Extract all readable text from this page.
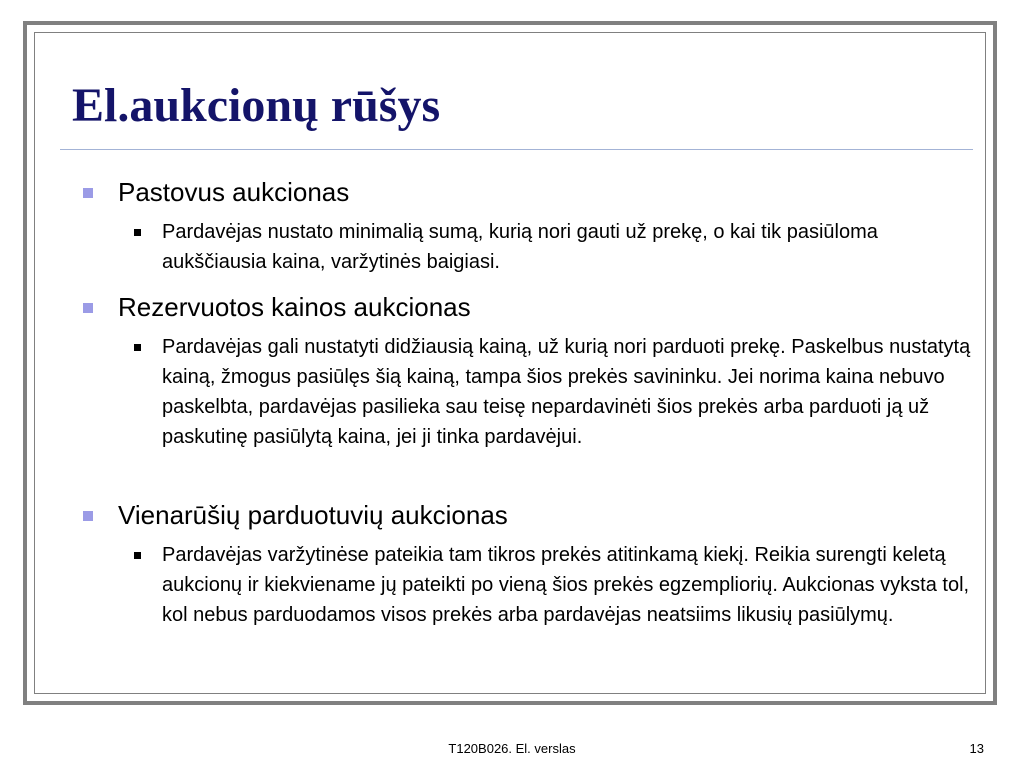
El.aukcionų rūšys
Pastovus aukcionas
Pardavėjas nustato minimalią sumą, kurią nori gauti už prekę, o kai tik pasiūloma aukščiausia kaina, varžytinės baigiasi.
Rezervuotos kainos aukcionas
Pardavėjas gali nustatyti didžiausią kainą, už kurią nori parduoti prekę. Paskelbus nustatytą kainą, žmogus pasiūlęs šią kainą, tampa šios prekės savininku. Jei norima kaina nebuvo paskelbta, pardavėjas pasilieka sau teisę nepardavinėti šios prekės arba parduoti ją už paskutinę pasiūlytą kaina, jei ji tinka pardavėjui.
Vienarūšių parduotuvių aukcionas
Pardavėjas varžytinėse pateikia tam tikros prekės atitinkamą kiekį. Reikia surengti keletą aukcionų ir kiekviename jų pateikti po vieną šios prekės egzempliorių. Aukcionas vyksta tol, kol nebus parduodamos visos prekės arba pardavėjas neatsiims likusių pasiūlymų.
T120B026. El. verslas	13
